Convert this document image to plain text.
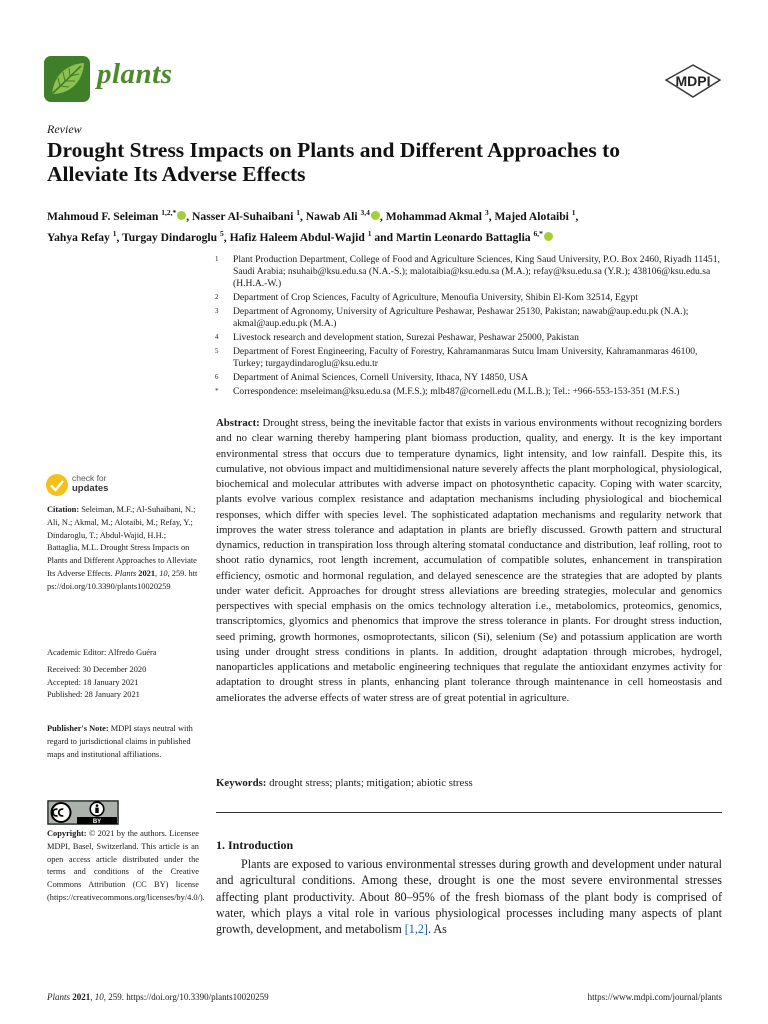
plants	MDPI
Review
Drought Stress Impacts on Plants and Different Approaches to
Alleviate Its Adverse Effects
Mahmoud F. Seleiman $^{1,2,*}$ , Nasser Al-Suhaibani $^1$, Nawab Ali $^{3,4}$ , Mohammad Akmal $^3$, Majed Alotaibi $^1$,
Yahya Refay $^1$, Turgay Dindaroglu $^5$, Hafiz Haleem Abdul-Wajid $^1$ and Martin Leonardo Battaglia $^{6,*}$
1	Plant Production Department, College of Food and Agriculture Sciences, King Saud University, P.O. Box 2460, Riyadh 11451, Saudi Arabia; nsuhaib@ksu.edu.sa (N.A.-S.); malotaibia@ksu.edu.sa (M.A.); refay@ksu.edu.sa (Y.R.); 438106@ksu.edu.sa (H.H.A.-W.)
2	Department of Crop Sciences, Faculty of Agriculture, Menoufia University, Shibin El-Kom 32514, Egypt
3	Department of Agronomy, University of Agriculture Peshawar, Peshawar 25130, Pakistan; nawab@aup.edu.pk (N.A.); akmal@aup.edu.pk (M.A.)
4	Livestock research and development station, Surezai Peshawar, Peshawar 25000, Pakistan
5	Department of Forest Engineering, Faculty of Forestry, Kahramanmaras Sutcu Imam University, Kahramanmaras 46100, Turkey; turgaydindaroglu@ksu.edu.tr
6	Department of Animal Sciences, Cornell University, Ithaca, NY 14850, USA
*	Correspondence: mseleiman@ksu.edu.sa (M.F.S.); mlb487@cornell.edu (M.L.B.); Tel.: +966-553-153-351 (M.F.S.)
Abstract: Drought stress, being the inevitable factor that exists in various environments without recognizing borders and no clear warning thereby hampering plant biomass production, quality, and energy. It is the key important environmental stress that occurs due to temperature dynamics, light intensity, and low rainfall. Despite this, its cumulative, not obvious impact and multidimensional nature severely affects the plant morphological, physiological, biochemical and molecular attributes with adverse impact on photosynthetic capacity. Coping with water scarcity, plants evolve various complex resistance and adaptation mechanisms including physiological and biochemical responses, which differ with species level. The sophisticated adaptation mechanisms and regularity network that improves the water stress tolerance and adaptation in plants are briefly discussed. Growth pattern and structural dynamics, reduction in transpiration loss through altering stomatal conductance and distribution, leaf rolling, root to shoot ratio dynamics, root length increment, accumulation of compatible solutes, enhancement in transpiration efficiency, osmotic and hormonal regulation, and delayed senescence are the strategies that are adopted by plants under water deficit. Approaches for drought stress alleviations are breeding strategies, molecular and genomics perspectives with special emphasis on the omics technology alteration i.e., metabolomics, proteomics, genomics, transcriptomics, glyomics and phenomics that improve the stress tolerance in plants. For drought stress induction, seed priming, growth hormones, osmoprotectants, silicon (Si), selenium (Se) and potassium application are worth using under drought stress conditions in plants. In addition, drought adaptation through microbes, hydrogel, nanoparticles applications and metabolic engineering techniques that regulate the antioxidant enzymes activity for adaptation to drought stress in plants, enhancing plant tolerance through maintenance in cell homeostasis and ameliorates the adverse effects of water stress are of great potential in agriculture.
Keywords: drought stress; plants; mitigation; abiotic stress
1. Introduction
Plants are exposed to various environmental stresses during growth and development under natural and agricultural conditions. Among these, drought is one the most severe environmental stresses affecting plant productivity. About 80–95% of the fresh biomass of the plant body is comprised of water, which plays a vital role in various physiological processes including many aspects of plant growth, development, and metabolism [1,2]. As
check for
updates
Citation: Seleiman, M.F.; Al-Suhaibani, N.; Ali, N.; Akmal, M.; Alotaibi, M.; Refay, Y.; Dindaroglu, T.; Abdul-Wajid, H.H.; Battaglia, M.L. Drought Stress Impacts on Plants and Different Approaches to Alleviate Its Adverse Effects. Plants 2021, 10, 259. https://doi.org/10.3390/plants10020259
Academic Editor: Alfredo Guéra
Received: 30 December 2020
Accepted: 18 January 2021
Published: 28 January 2021
Publisher's Note: MDPI stays neutral with regard to jurisdictional claims in published maps and institutional affiliations.
BY
Copyright: © 2021 by the authors. Licensee MDPI, Basel, Switzerland. This article is an open access article distributed under the terms and conditions of the Creative Commons Attribution (CC BY) license (https://creativecommons.org/licenses/by/4.0/).
Plants 2021, 10, 259. https://doi.org/10.3390/plants10020259	https://www.mdpi.com/journal/plants
